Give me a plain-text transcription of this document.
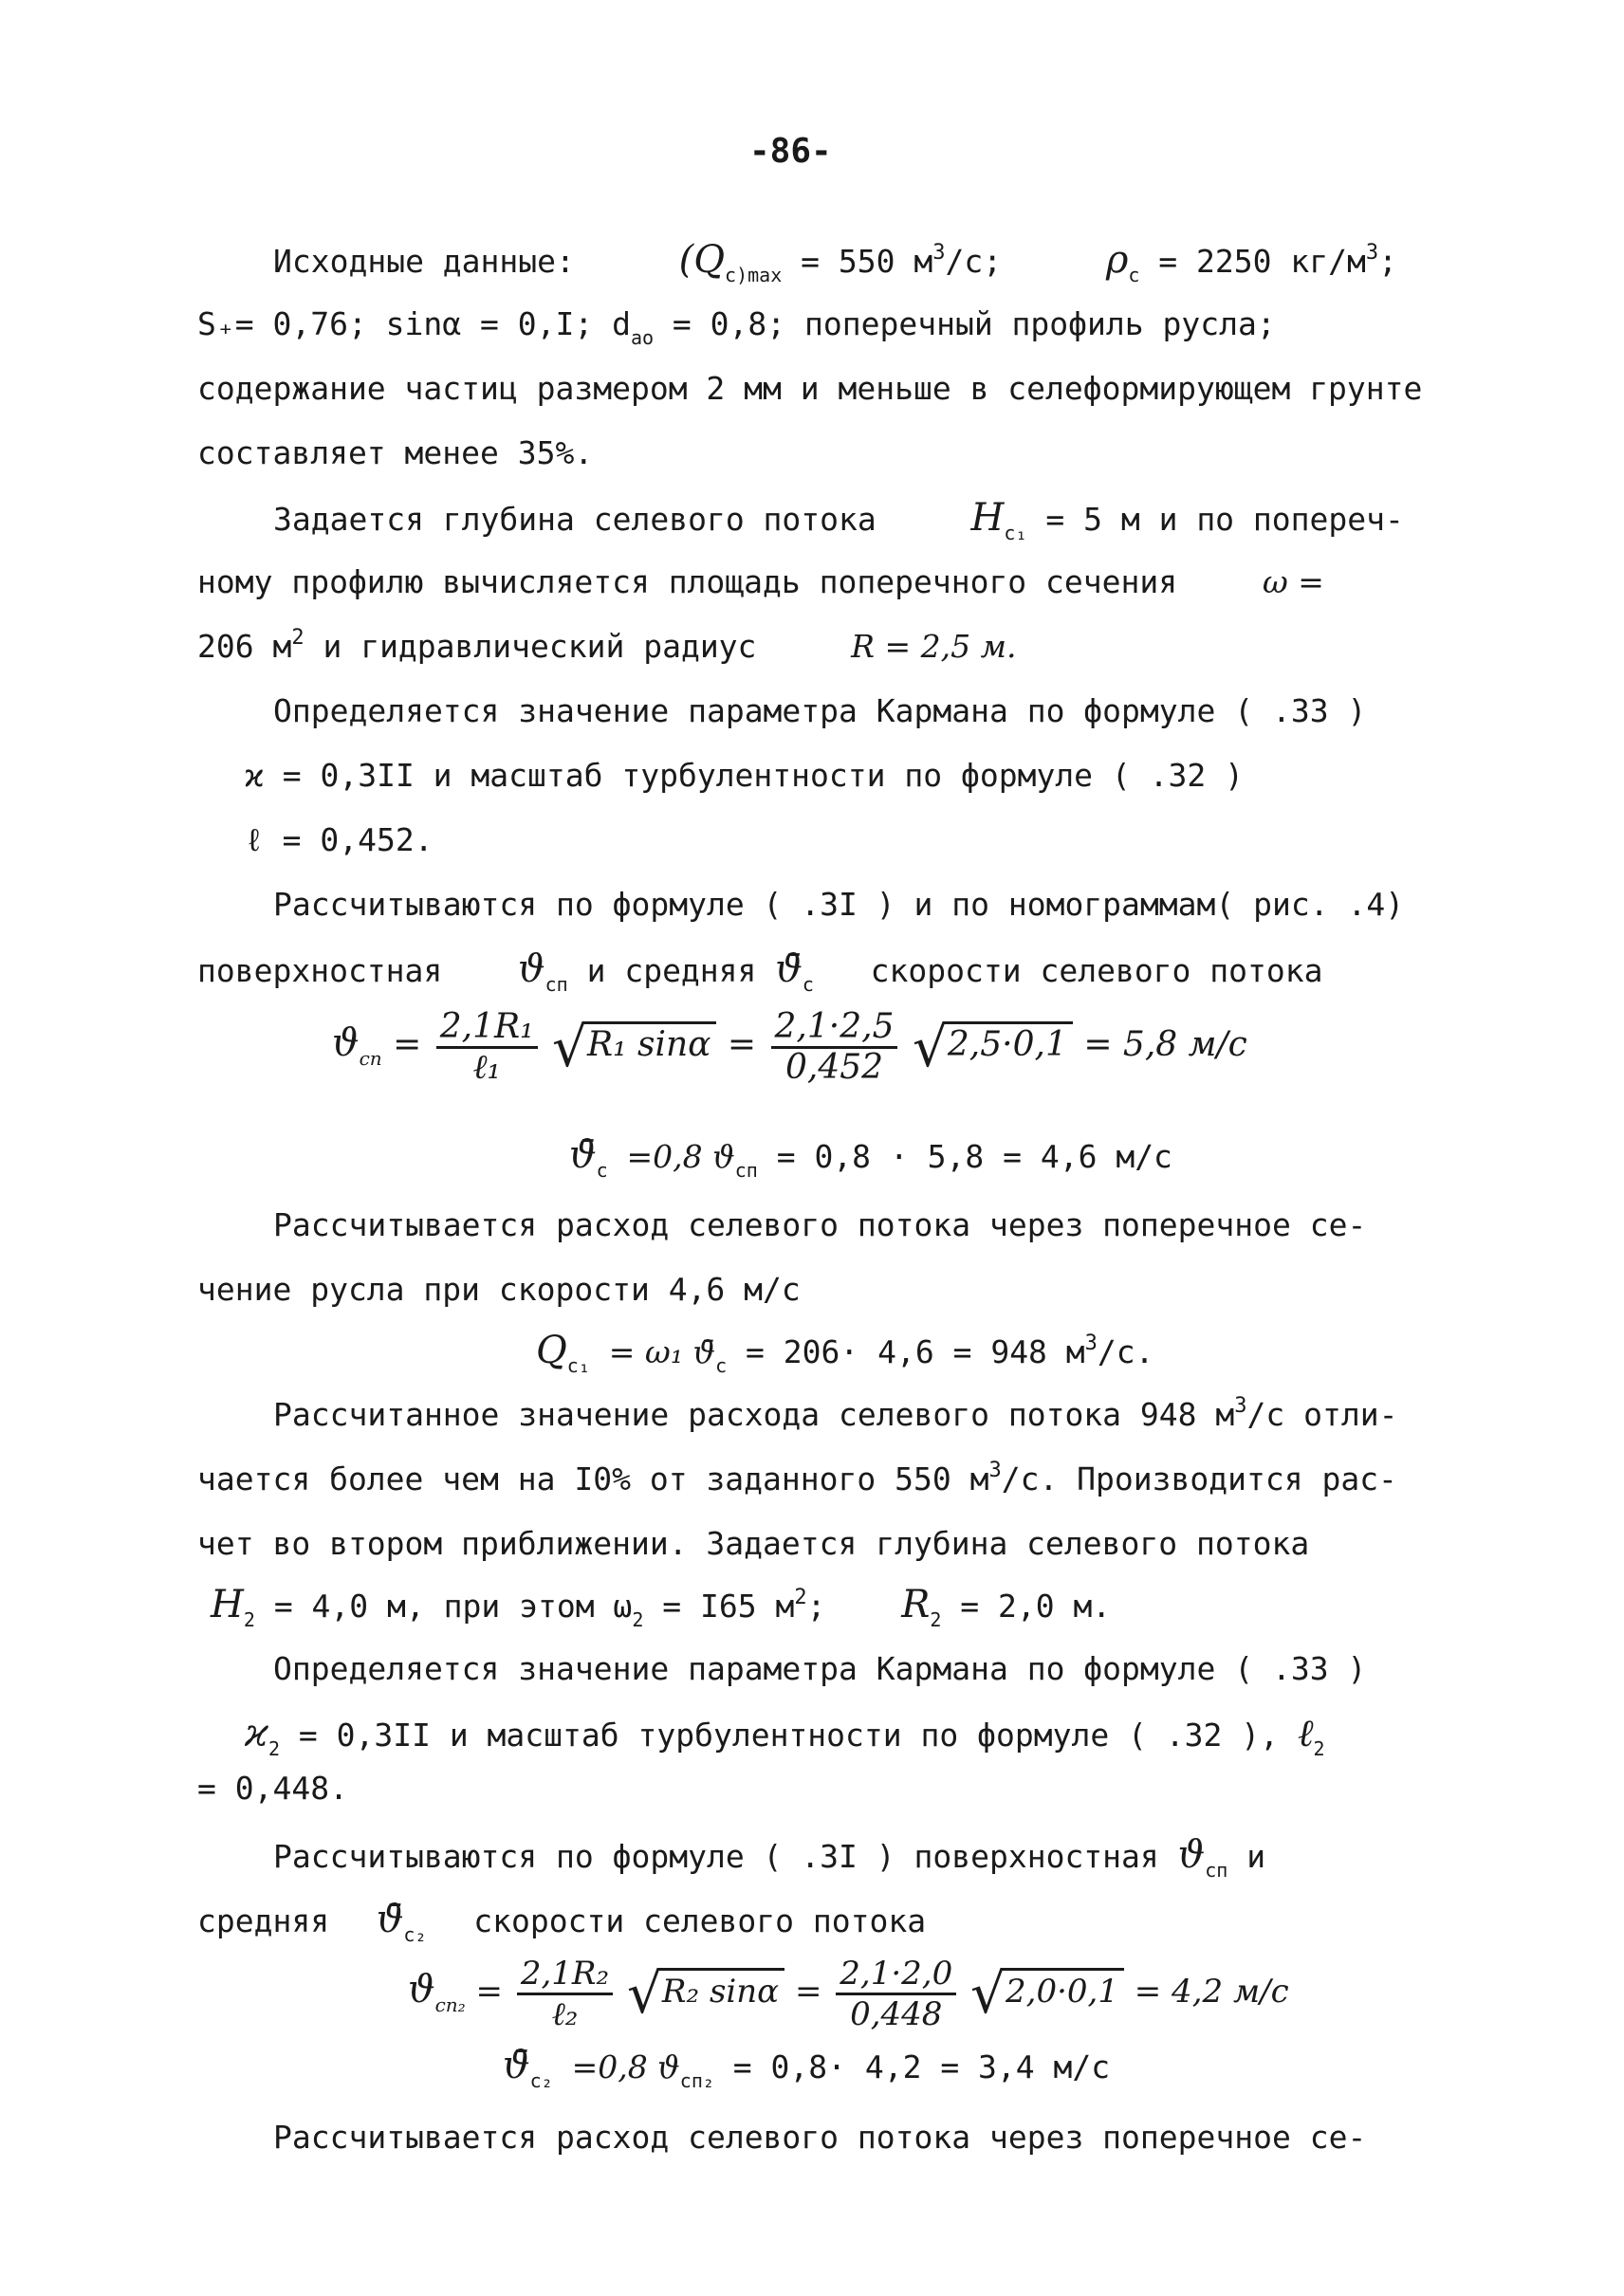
-86-
Исходные данные:	($Q_{c)max} = 550$ $м^3/с$;	$\rho_c = 2250$ $кг/м^3$;
S₊= 0,76; sinα = 0,I; $d_{ao} = 0,8$; поперечный профиль русла;
содержание частиц размером 2 мм и меньше в селеформирующем грунте
составляет менее 35%.
Задается глубина селевого потока $H_{c_1} = 5$ м и по попереч-
ному профилю вычисляется площадь поперечного сечения	ω =
206 $м^2$ и гидравлический радиус	R = 2,5 м.
Определяется значение параметра Кармана по формуле ( .33 )
ϰ = 0,3II и масштаб турбулентности по формуле ( .32 )
ℓ = 0,452.
Рассчитываются по формуле ( .3I ) и по номограммам( рис. .4)
поверхностная $ϑ_{сп}$ и средняя $ϑ̄_c$ скорости селевого потока
$ϑ_{сп} = \frac{\text{2,1R₁}}{\text{ℓ₁}} √R_1$ $\sin\alpha = \frac{2,1\cdot 2,5}{0,452} √2,5\cdot 0,1 = 5,8$ м/с
$ϑ̄_c =0,8$ $ϑ_{сп} = 0,8 \cdot 5,8 = 4,6$ м/с
Рассчитывается расход селевого потока через поперечное се-
чение русла при скорости 4,6 м/с
$Q_{c_1} = \omega_1$ $ϑ̄_c = 206\cdot 4,6 = 948$ $м^3/с$.
Рассчитанное значение расхода селевого потока 948 $м^3/с$ отли-
чается более чем на I0% от заданного 550 $м^3/с$. Производится рас-
чет во втором приближении. Задается глубина селевого потока
$H_2 = 4,0$ м, при этом $\omega_2 = I65$ $м^2$; $R_2 = 2,0$ м.
Определяется значение параметра Кармана по формуле ( .33 )
$ϰ_2 = 0,3II$ и масштаб турбулентности по формуле ( .32 ), ℓ$_2$
= 0,448.
Рассчитываются по формуле ( .3I ) поверхностная $ϑ_{сп}$ и
средняя $ϑ̄_{c_2}$ скорости селевого потока
$ϑ_{сп_2} = \frac{\text{2,1R₂}}{\text{ℓ₂}} √R_2$ $\sin\alpha = \frac{2,1\cdot 2,0}{0,448} √2,0\cdot 0,1 = 4,2$ м/с
$ϑ̄_{c_2} =0,8$ $ϑ_{сп_2} = 0,8\cdot 4,2 = 3,4$ м/с
Рассчитывается расход селевого потока через поперечное се-
